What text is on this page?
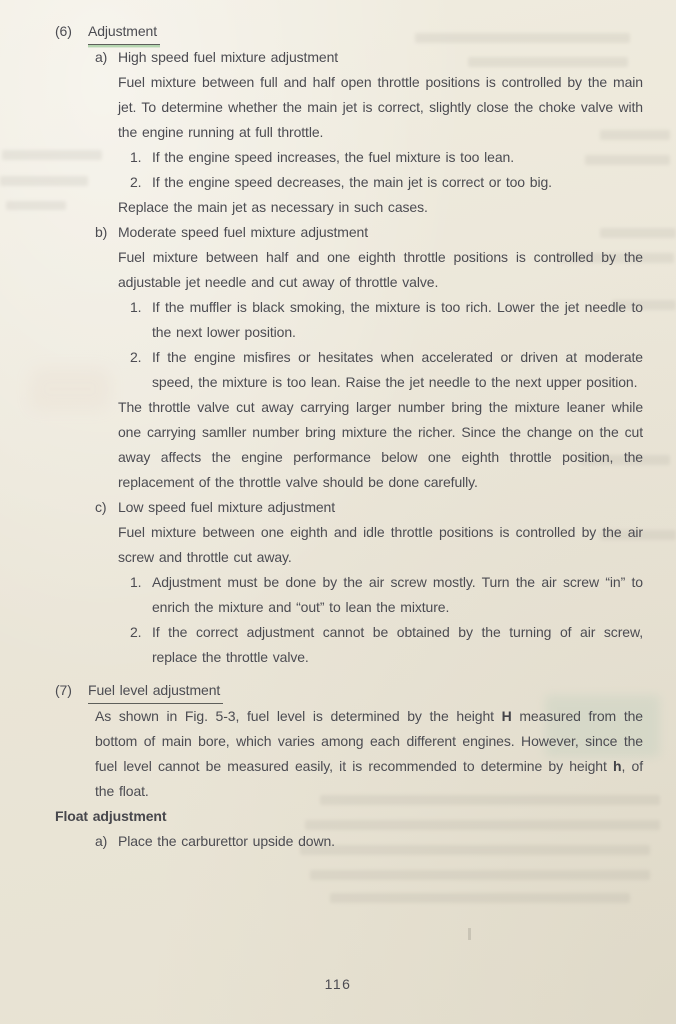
(6)	Adjustment
a) High speed fuel mixture adjustment

Fuel mixture between full and half open throttle positions is controlled by the main jet. To determine whether the main jet is correct, slightly close the choke valve with the engine running at full throttle.

1. If the engine speed increases, the fuel mixture is too lean.
2. If the engine speed decreases, the main jet is correct or too big.

Replace the main jet as necessary in such cases.

b) Moderate speed fuel mixture adjustment

Fuel mixture between half and one eighth throttle positions is controlled by the adjustable jet needle and cut away of throttle valve.

1. If the muffler is black smoking, the mixture is too rich. Lower the jet needle to the next lower position.
2. If the engine misfires or hesitates when accelerated or driven at moderate speed, the mixture is too lean. Raise the jet needle to the next upper position.

The throttle valve cut away carrying larger number bring the mixture leaner while one carrying samller number bring mixture the richer. Since the change on the cut away affects the engine performance below one eighth throttle position, the replacement of the throttle valve should be done carefully.

c) Low speed fuel mixture adjustment

Fuel mixture between one eighth and idle throttle positions is controlled by the air screw and throttle cut away.

1. Adjustment must be done by the air screw mostly. Turn the air screw “in” to enrich the mixture and “out” to lean the mixture.
2. If the correct adjustment cannot be obtained by the turning of air screw, replace the throttle valve.
(7)	Fuel level adjustment

As shown in Fig. 5-3, fuel level is determined by the height H measured from the bottom of main bore, which varies among each different engines. However, since the fuel level cannot be measured easily, it is recommended to determine by height h, of the float.

Float adjustment
a) Place the carburettor upside down.
116
